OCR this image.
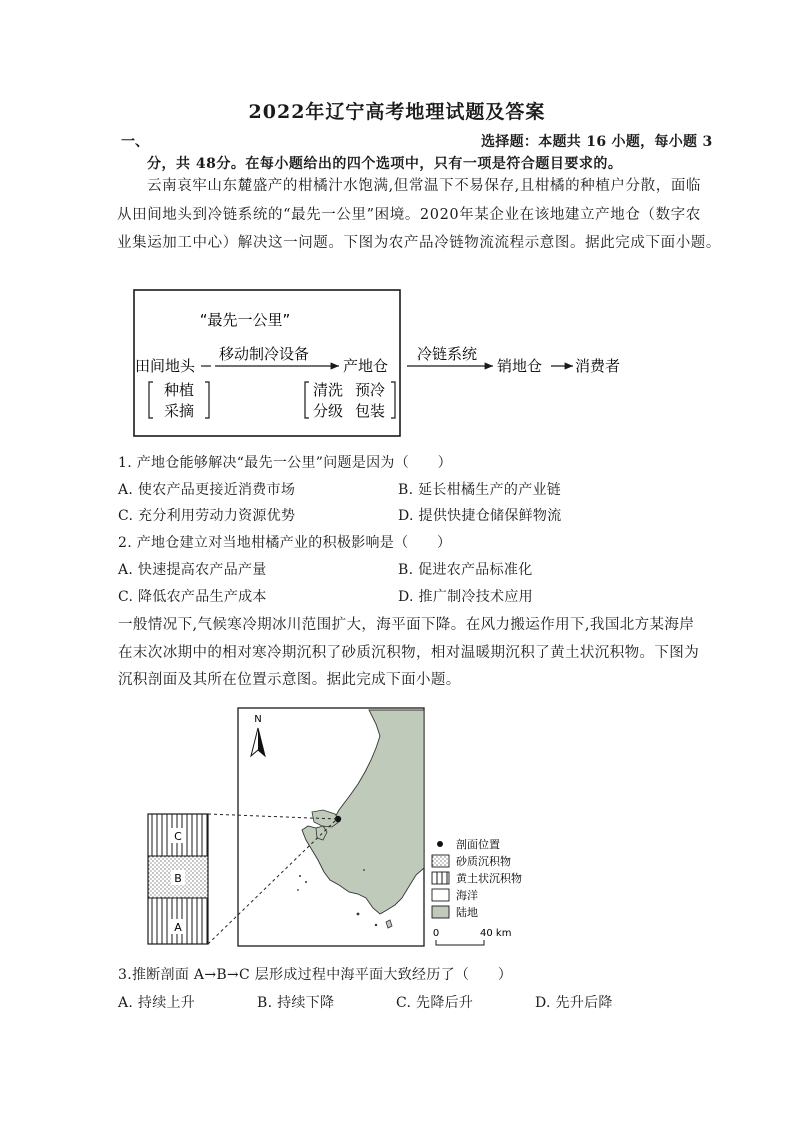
2022年辽宁高考地理试题及答案
一、	选择题：本题共 16 小题，每小题 3
分，共 48分。在每小题给出的四个选项中，只有一项是符合题目要求的。
云南哀牢山东麓盛产的柑橘汁水饱满,但常温下不易保存,且柑橘的种植户分散，面临
从田间地头到冷链系统的“最先一公里”困境。2020年某企业在该地建立产地仓（数字农
业集运加工中心）解决这一问题。下图为农产品冷链物流流程示意图。据此完成下面小题。
“最先一公里”
田间地头
移动制冷设备
产地仓
种植
采摘
清洗 预冷
分级 包装
冷链系统
销地仓 消费者
1. 产地仓能够解决“最先一公里”问题是因为（　　）
A. 使农产品更接近消费市场	B. 延长柑橘生产的产业链
C. 充分利用劳动力资源优势	D. 提供快捷仓储保鲜物流
2. 产地仓建立对当地柑橘产业的积极影响是（　　）
A. 快速提高农产品产量	B. 促进农产品标准化
C. 降低农产品生产成本	D. 推广制冷技术应用
一般情况下,气候寒冷期冰川范围扩大，海平面下降。在风力搬运作用下,我国北方某海岸
在末次冰期中的相对寒冷期沉积了砂质沉积物，相对温暖期沉积了黄土状沉积物。下图为
沉积剖面及其所在位置示意图。据此完成下面小题。
N
C
B
A
剖面位置
砂质沉积物
黄土状沉积物
海洋
陆地
0	40 km
3.推断剖面 A→B→C 层形成过程中海平面大致经历了（　　）
A. 持续上升	B. 持续下降	C. 先降后升	D. 先升后降
